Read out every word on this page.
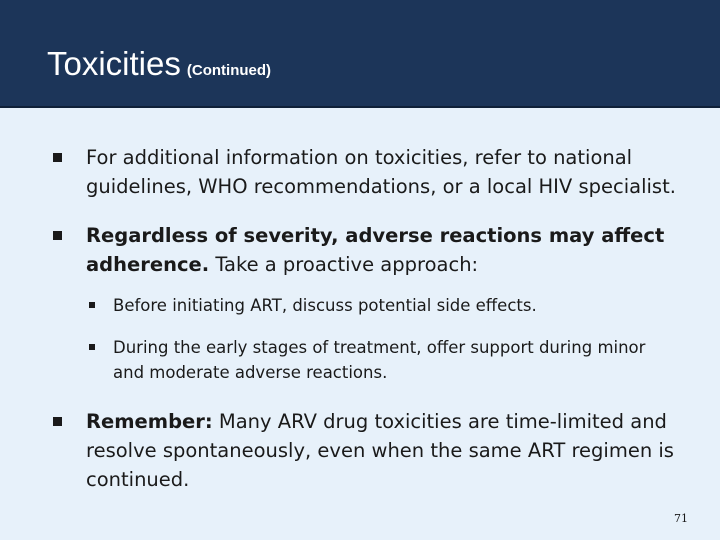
Toxicities (Continued)
For additional information on toxicities, refer to national guidelines, WHO recommendations, or a local HIV specialist.
Regardless of severity, adverse reactions may affect adherence. Take a proactive approach:
Before initiating ART, discuss potential side effects.
During the early stages of treatment, offer support during minor and moderate adverse reactions.
Remember: Many ARV drug toxicities are time-limited and resolve spontaneously, even when the same ART regimen is continued.
71
